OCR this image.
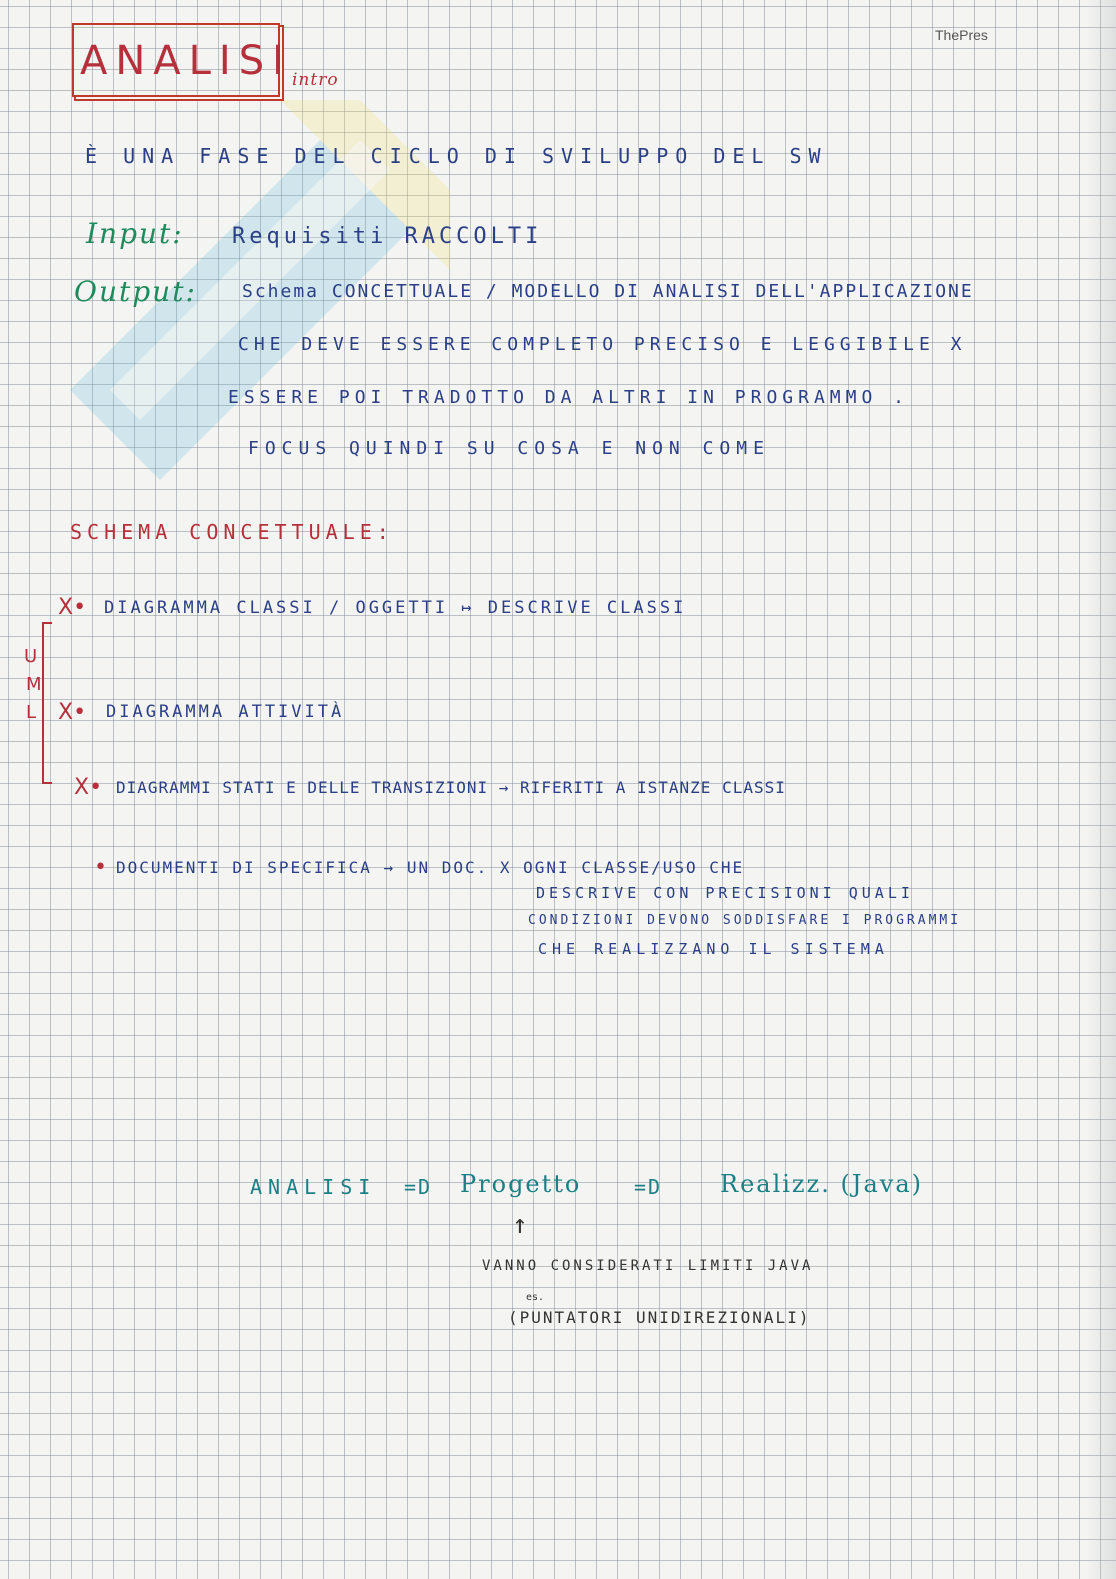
ThePres
ANALISI intro
È UNA FASE DEL CICLO DI SVILUPPO DEL SW
Input: Requisiti RACCOLTI
Output:	Schema CONCETTUALE / MODELLO DI ANALISI DELL'APPLICAZIONE
CHE DEVE ESSERE COMPLETO PRECISO E LEGGIBILE X
ESSERE POI TRADOTTO DA ALTRI IN PROGRAMMO .
FOCUS QUINDI SU COSA E NON COME
SCHEMA CONCETTUALE:
U
M
L
X• DIAGRAMMA CLASSI / OGGETTI ↦ DESCRIVE CLASSI
X• DIAGRAMMA ATTIVITÀ
X• DIAGRAMMI STATI E DELLE TRANSIZIONI → RIFERITI A ISTANZE CLASSI
• DOCUMENTI DI SPECIFICA → UN DOC. X OGNI CLASSE/USO CHE
DESCRIVE CON PRECISIONI QUALI
CONDIZIONI DEVONO SODDISFARE I PROGRAMMI
CHE REALIZZANO IL SISTEMA
ANALISI =D Progetto	=D Realizz. (Java)
↑
VANNO CONSIDERATI LIMITI JAVA
es.
(PUNTATORI UNIDIREZIONALI)
